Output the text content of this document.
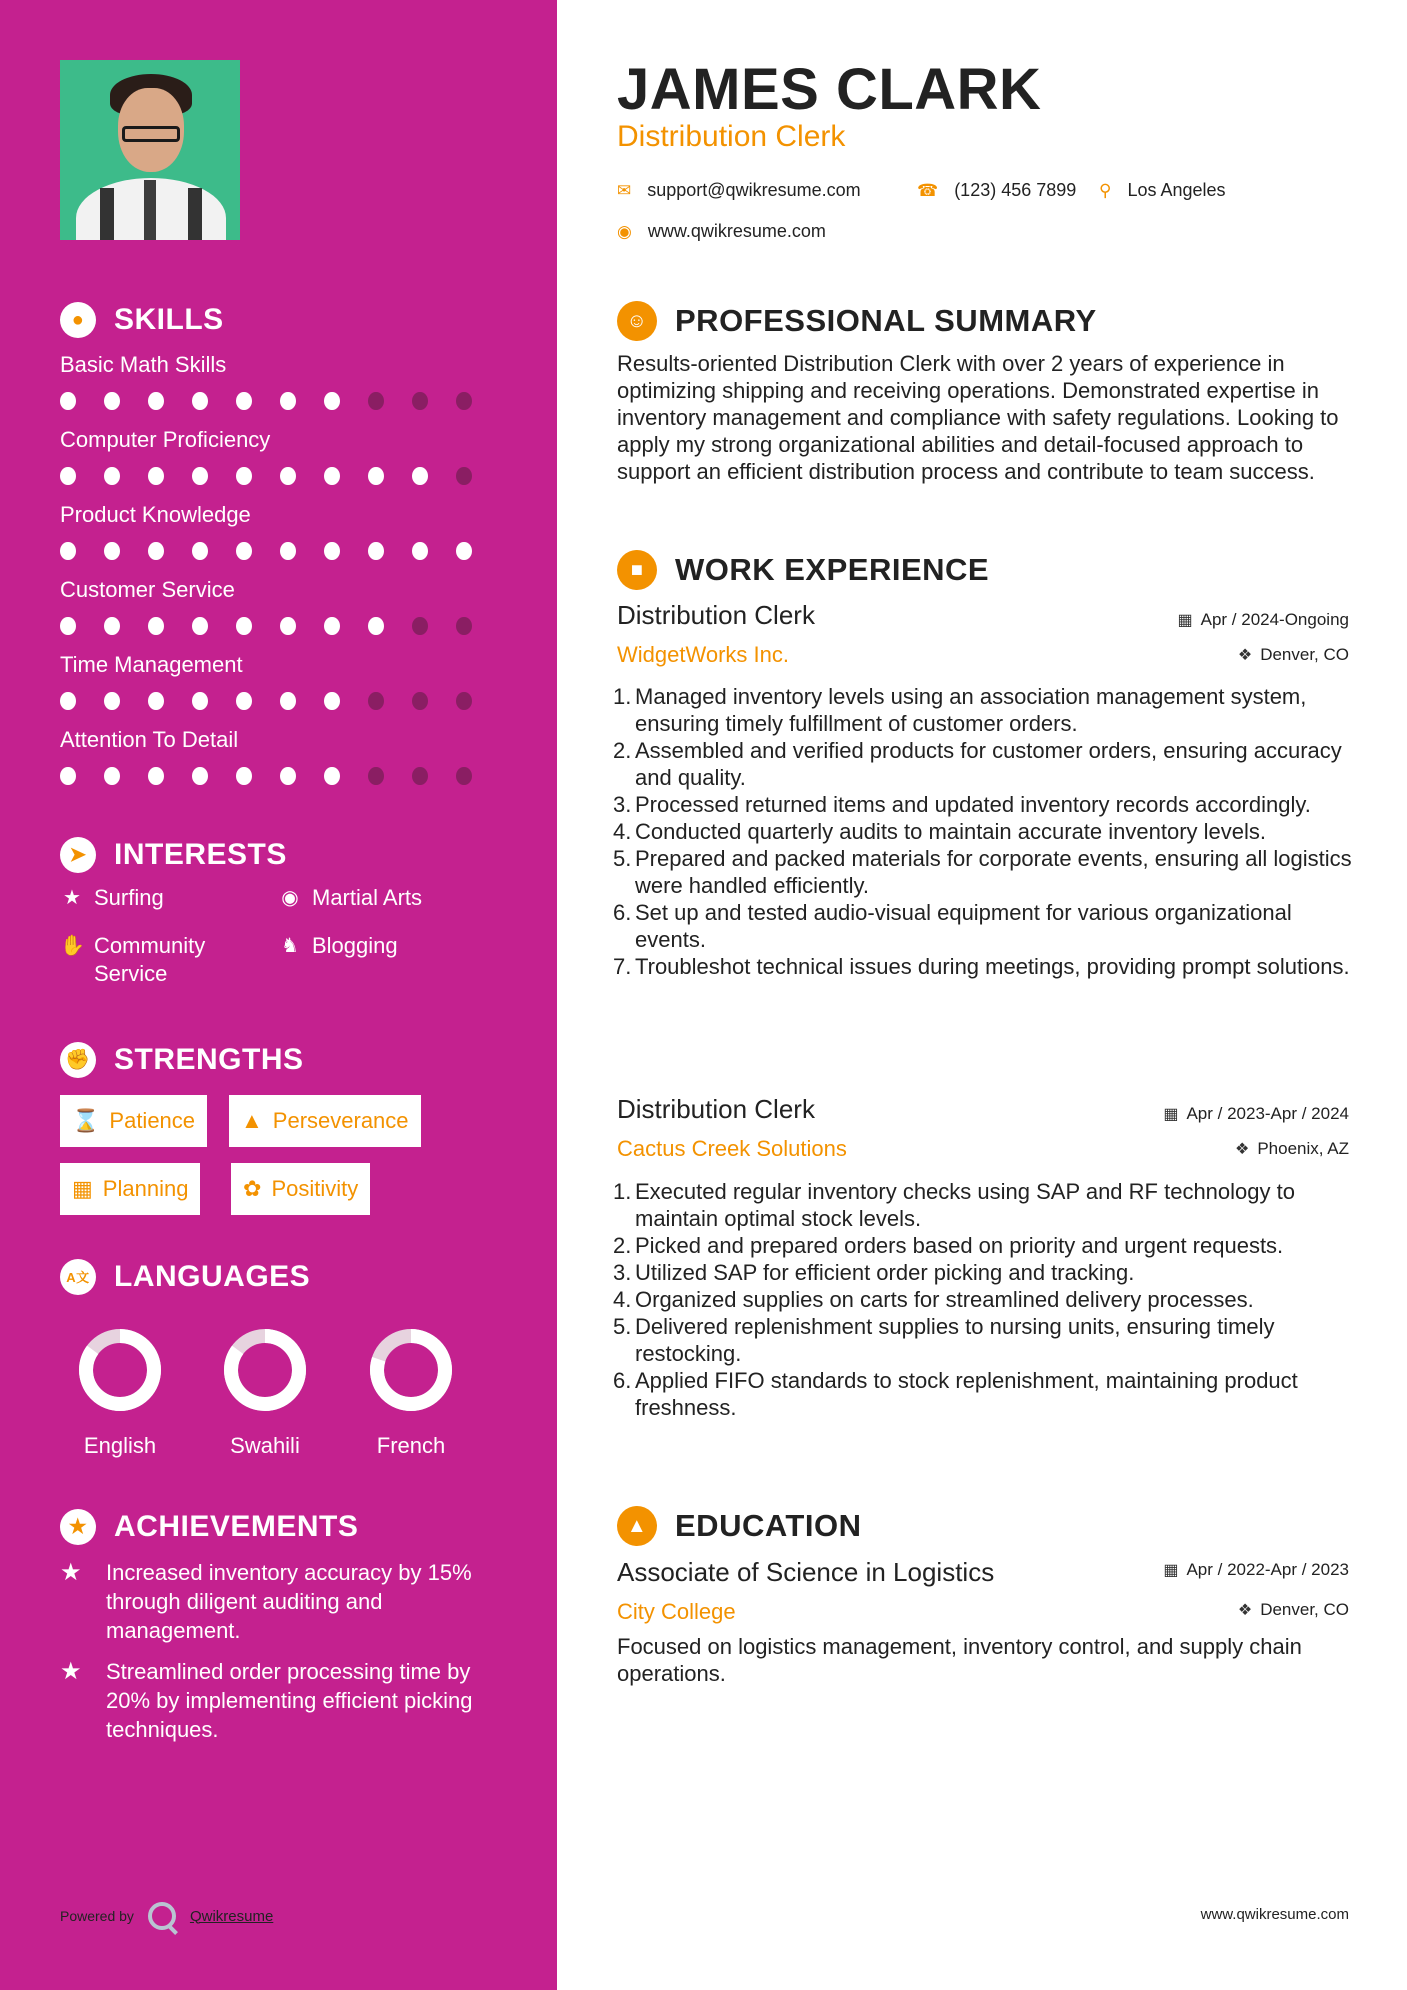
● SKILLS
Basic Math Skills
Computer Proficiency
Product Knowledge
Customer Service
Time Management
Attention To Detail
➤ INTERESTS
★ Surfing	◉ Martial Arts
✋ Community Service
♞ Blogging
✊ STRENGTHS
⌛ Patience ▲ Perseverance
▦ Planning ✿ Positivity
A文 LANGUAGES
English	Swahili	French
★ ACHIEVEMENTS
★	Increased inventory accuracy by 15% through diligent auditing and management.
★	Streamlined order processing time by 20% by implementing efficient picking techniques.
Powered by	Qwikresume
JAMES CLARK
Distribution Clerk
✉ support@qwikresume.com	☎ (123) 456 7899 ⚲ Los Angeles
◉ www.qwikresume.com
☺ PROFESSIONAL SUMMARY
Results-oriented Distribution Clerk with over 2 years of experience in optimizing shipping and receiving operations. Demonstrated expertise in inventory management and compliance with safety regulations. Looking to apply my strong organizational abilities and detail-focused approach to support an efficient distribution process and contribute to team success.
■	WORK EXPERIENCE
Distribution Clerk	▦ Apr / 2024-Ongoing
WidgetWorks Inc.	❖ Denver, CO
1. Managed inventory levels using an association management system, ensuring timely fulfillment of customer orders.
2. Assembled and verified products for customer orders, ensuring accuracy and quality.
3. Processed returned items and updated inventory records accordingly.
4. Conducted quarterly audits to maintain accurate inventory levels.
5. Prepared and packed materials for corporate events, ensuring all logistics were handled efficiently.
6. Set up and tested audio-visual equipment for various organizational events.
7. Troubleshot technical issues during meetings, providing prompt solutions.
Distribution Clerk	▦ Apr / 2023-Apr / 2024
Cactus Creek Solutions	❖ Phoenix, AZ
1. Executed regular inventory checks using SAP and RF technology to maintain optimal stock levels.
2. Picked and prepared orders based on priority and urgent requests.
3. Utilized SAP for efficient order picking and tracking.
4. Organized supplies on carts for streamlined delivery processes.
5. Delivered replenishment supplies to nursing units, ensuring timely restocking.
6. Applied FIFO standards to stock replenishment, maintaining product freshness.
▲ EDUCATION
Associate of Science in Logistics	▦ Apr / 2022-Apr / 2023
City College	❖ Denver, CO
Focused on logistics management, inventory control, and supply chain operations.
www.qwikresume.com
